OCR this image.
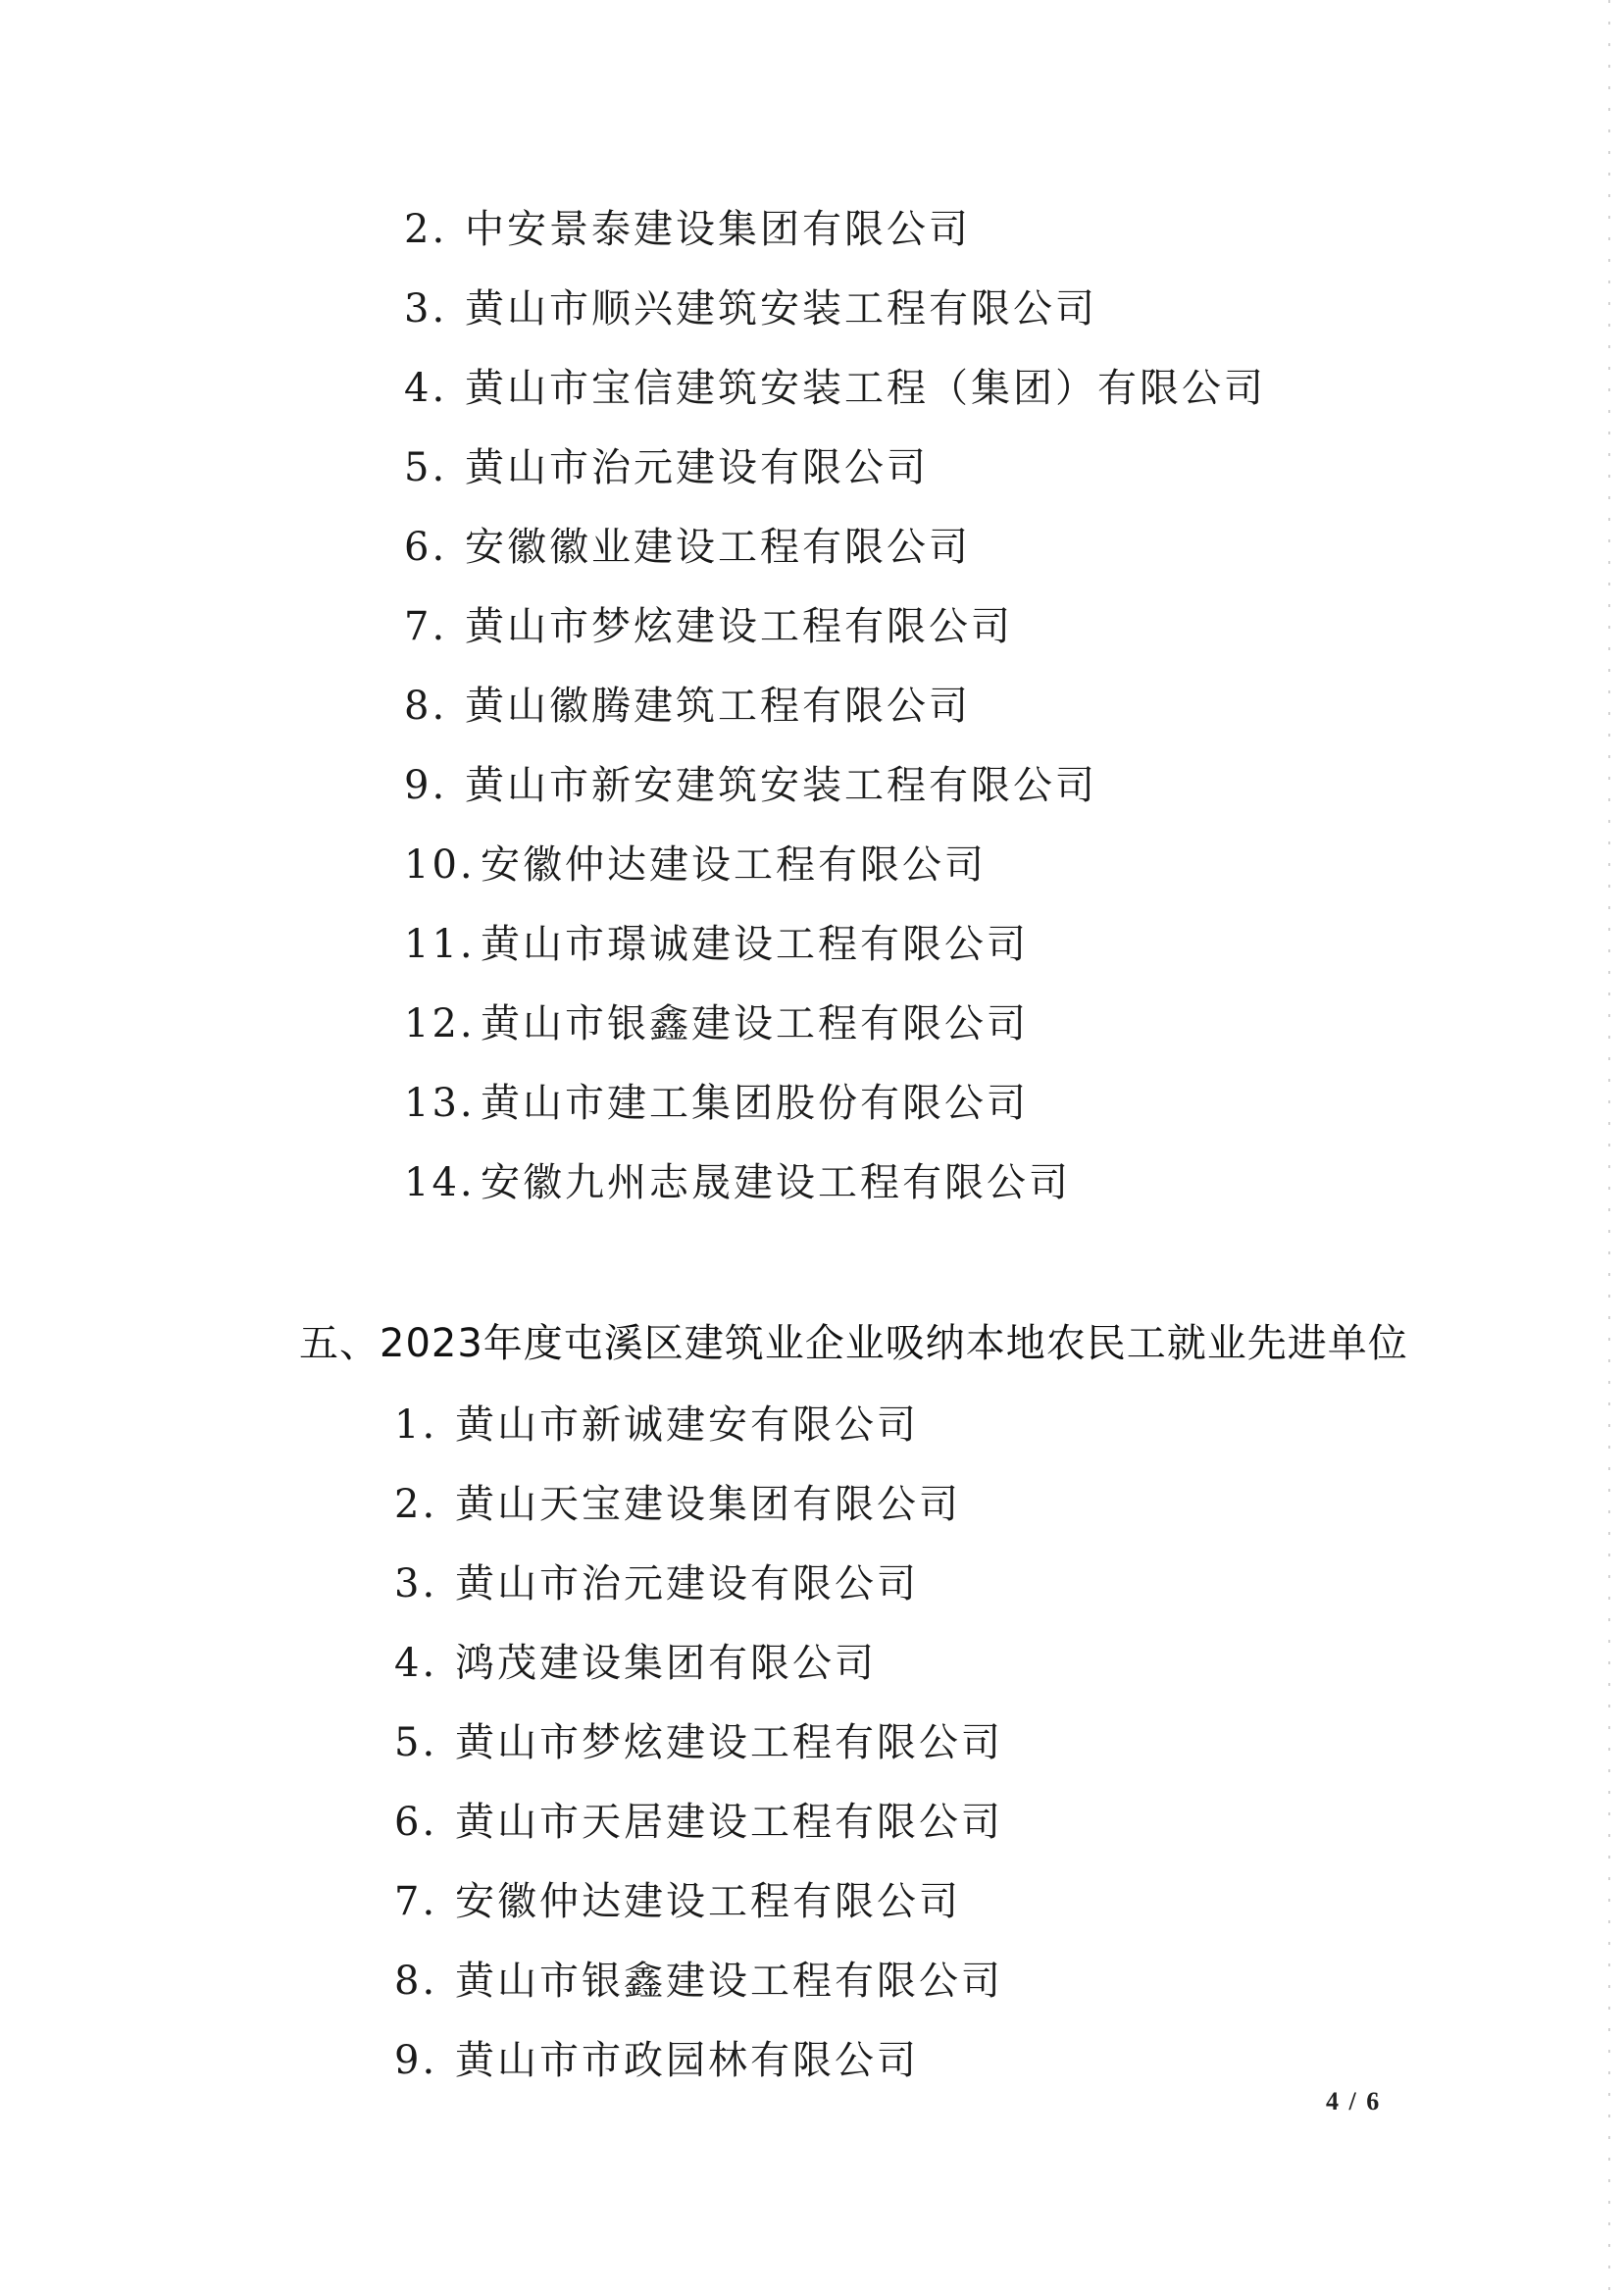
2. 中安景泰建设集团有限公司
3. 黄山市顺兴建筑安装工程有限公司
4. 黄山市宝信建筑安装工程（集团）有限公司
5. 黄山市治元建设有限公司
6. 安徽徽业建设工程有限公司
7. 黄山市梦炫建设工程有限公司
8. 黄山徽腾建筑工程有限公司
9. 黄山市新安建筑安装工程有限公司
10. 安徽仲达建设工程有限公司
11. 黄山市璟诚建设工程有限公司
12. 黄山市银鑫建设工程有限公司
13. 黄山市建工集团股份有限公司
14. 安徽九州志晟建设工程有限公司
五、2023年度屯溪区建筑业企业吸纳本地农民工就业先进单位
1. 黄山市新诚建安有限公司
2. 黄山天宝建设集团有限公司
3. 黄山市治元建设有限公司
4. 鸿茂建设集团有限公司
5. 黄山市梦炫建设工程有限公司
6. 黄山市天居建设工程有限公司
7. 安徽仲达建设工程有限公司
8. 黄山市银鑫建设工程有限公司
9. 黄山市市政园林有限公司
4 / 6
